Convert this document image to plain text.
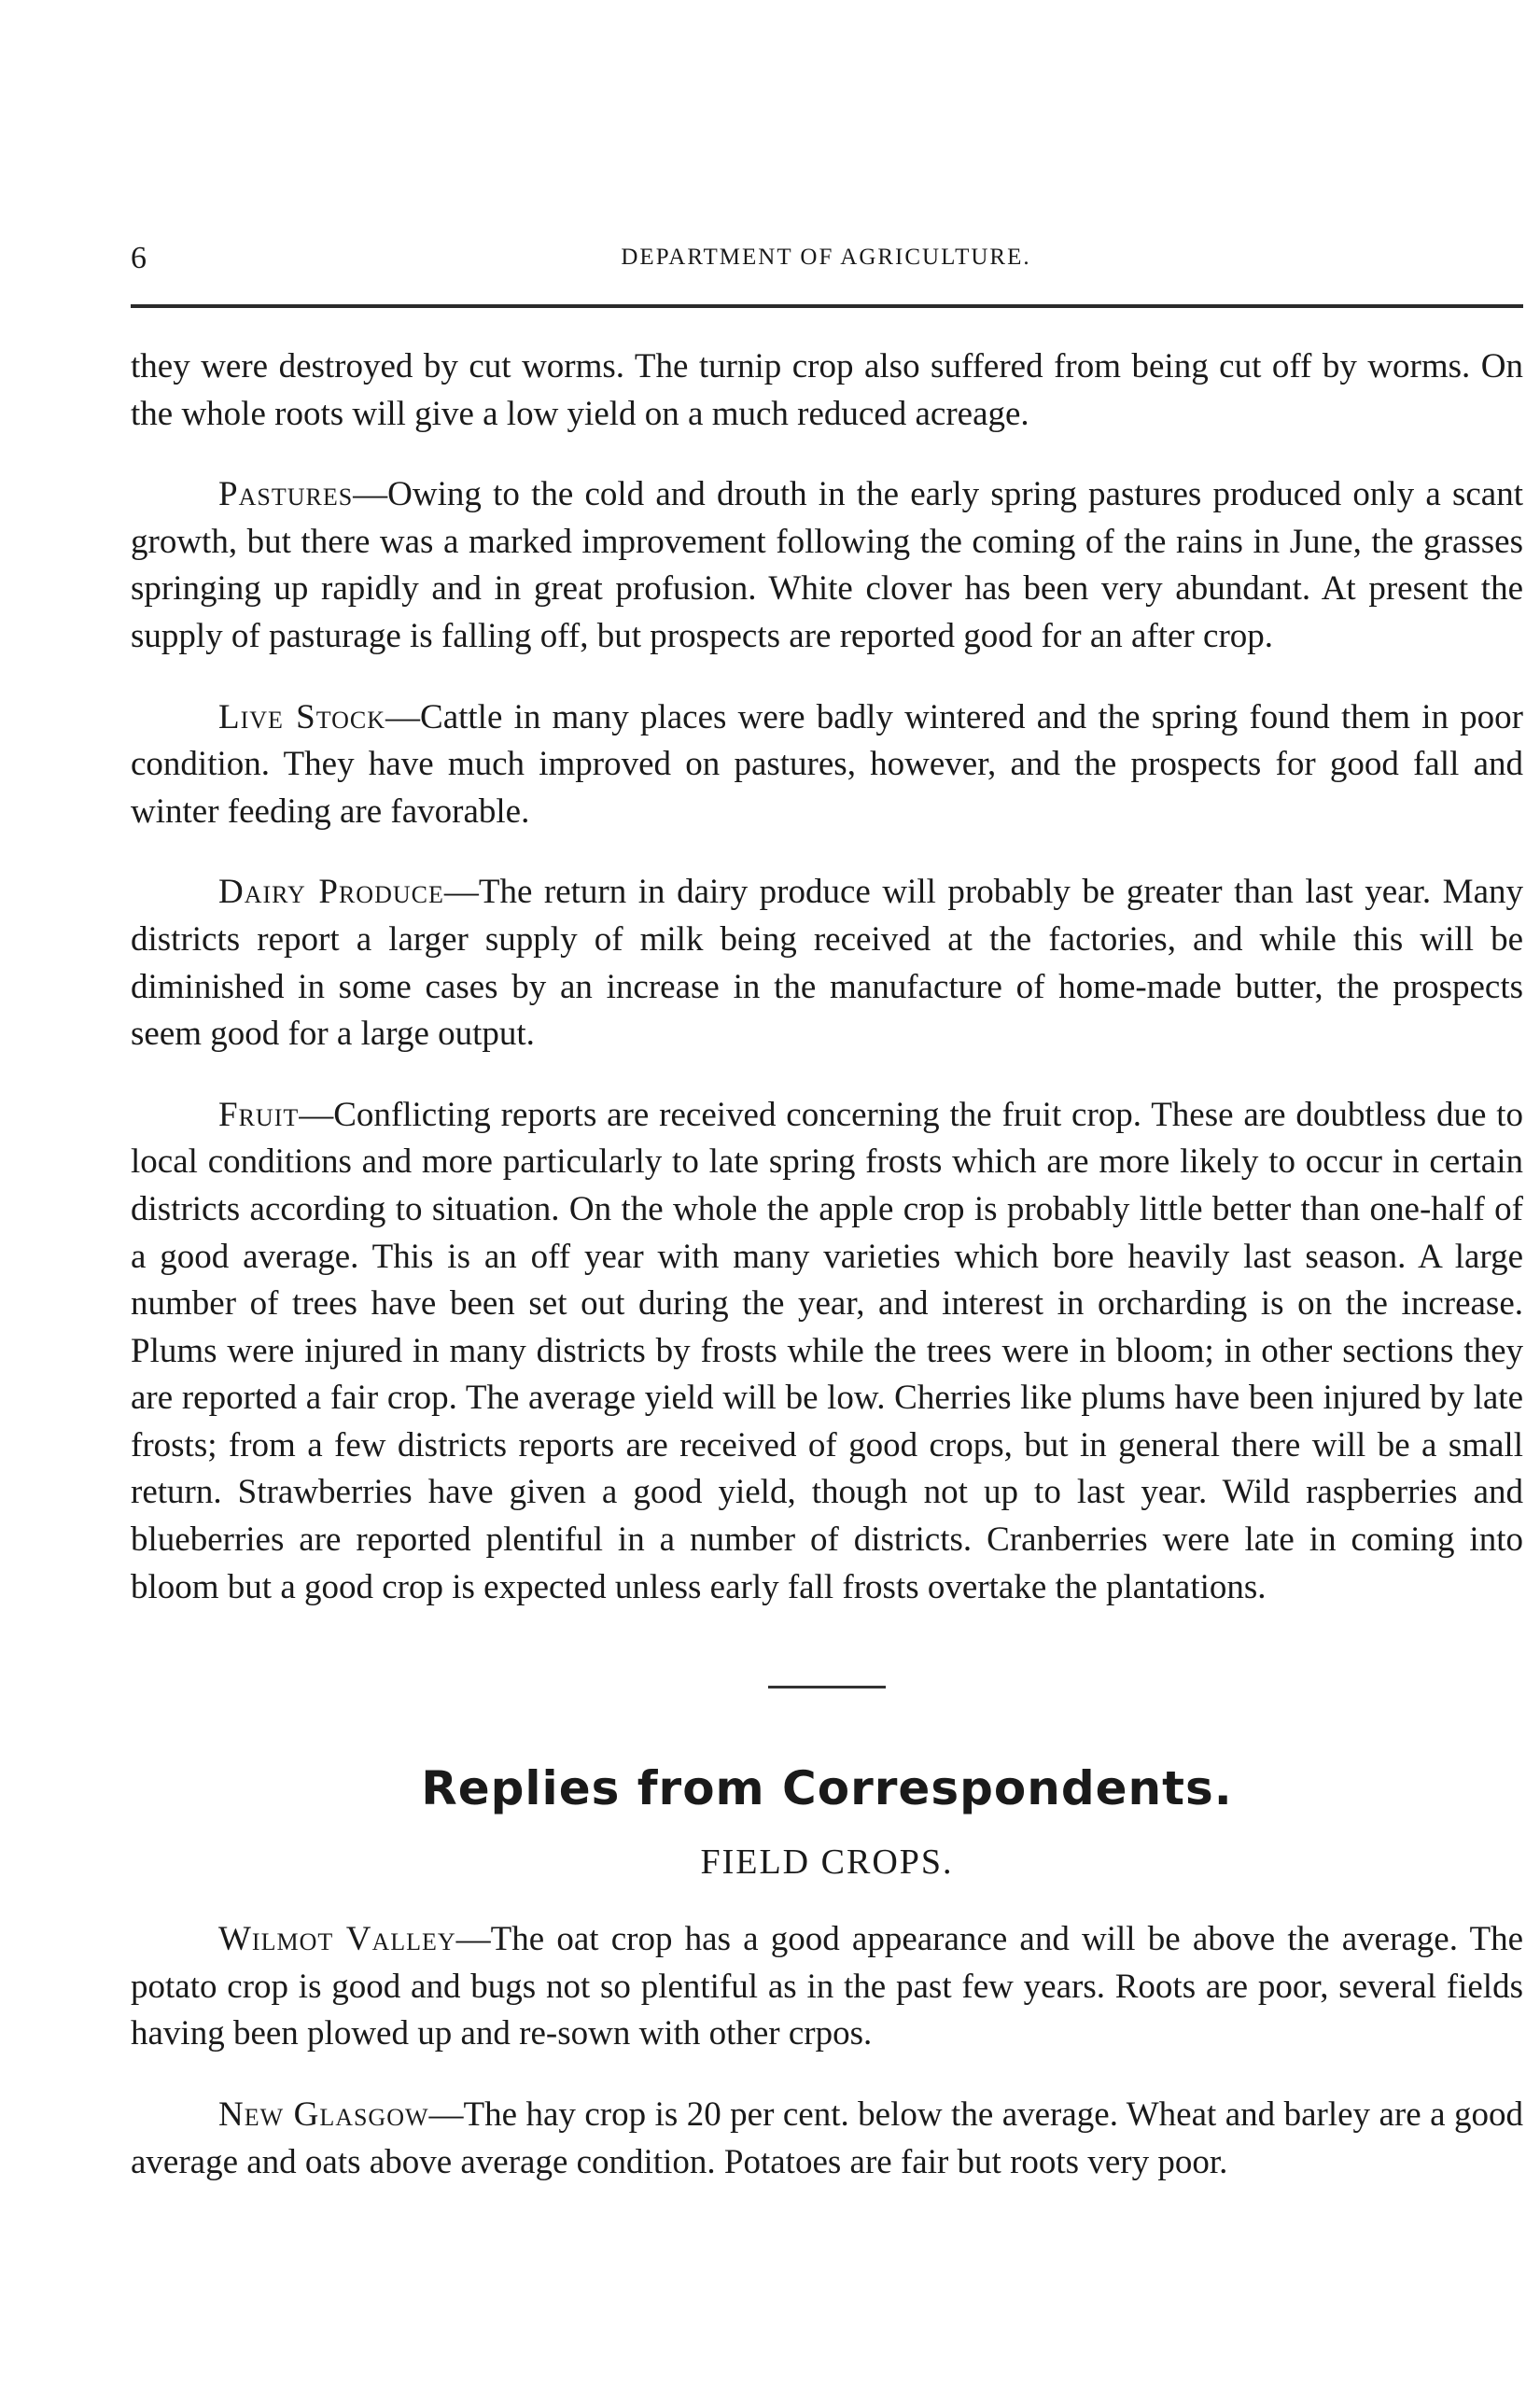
6	DEPARTMENT OF AGRICULTURE.

they were destroyed by cut worms. The turnip crop also suffered from being cut off by worms. On the whole roots will give a low yield on a much reduced acreage.

Pastures—Owing to the cold and drouth in the early spring pastures produced only a scant growth, but there was a marked improvement following the coming of the rains in June, the grasses springing up rapidly and in great profusion. White clover has been very abundant. At present the supply of pasturage is falling off, but prospects are reported good for an after crop.

Live Stock—Cattle in many places were badly wintered and the spring found them in poor condition. They have much improved on pastures, however, and the prospects for good fall and winter feeding are favorable.

Dairy Produce—The return in dairy produce will probably be greater than last year. Many districts report a larger supply of milk being received at the factories, and while this will be diminished in some cases by an increase in the manufacture of home-made butter, the prospects seem good for a large output.

Fruit—Conflicting reports are received concerning the fruit crop. These are doubtless due to local conditions and more particularly to late spring frosts which are more likely to occur in certain districts according to situation. On the whole the apple crop is probably little better than one-half of a good average. This is an off year with many varieties which bore heavily last season. A large number of trees have been set out during the year, and interest in orcharding is on the increase. Plums were injured in many districts by frosts while the trees were in bloom; in other sections they are reported a fair crop. The average yield will be low. Cherries like plums have been injured by late frosts; from a few districts reports are received of good crops, but in general there will be a small return. Strawberries have given a good yield, though not up to last year. Wild raspberries and blueberries are reported plentiful in a number of districts. Cranberries were late in coming into bloom but a good crop is expected unless early fall frosts overtake the plantations.

Replies from Correspondents.
FIELD CROPS.

Wilmot Valley—The oat crop has a good appearance and will be above the average. The potato crop is good and bugs not so plentiful as in the past few years. Roots are poor, several fields having been plowed up and re-sown with other crpos.

New Glasgow—The hay crop is 20 per cent. below the average. Wheat and barley are a good average and oats above average condition. Potatoes are fair but roots very poor.
